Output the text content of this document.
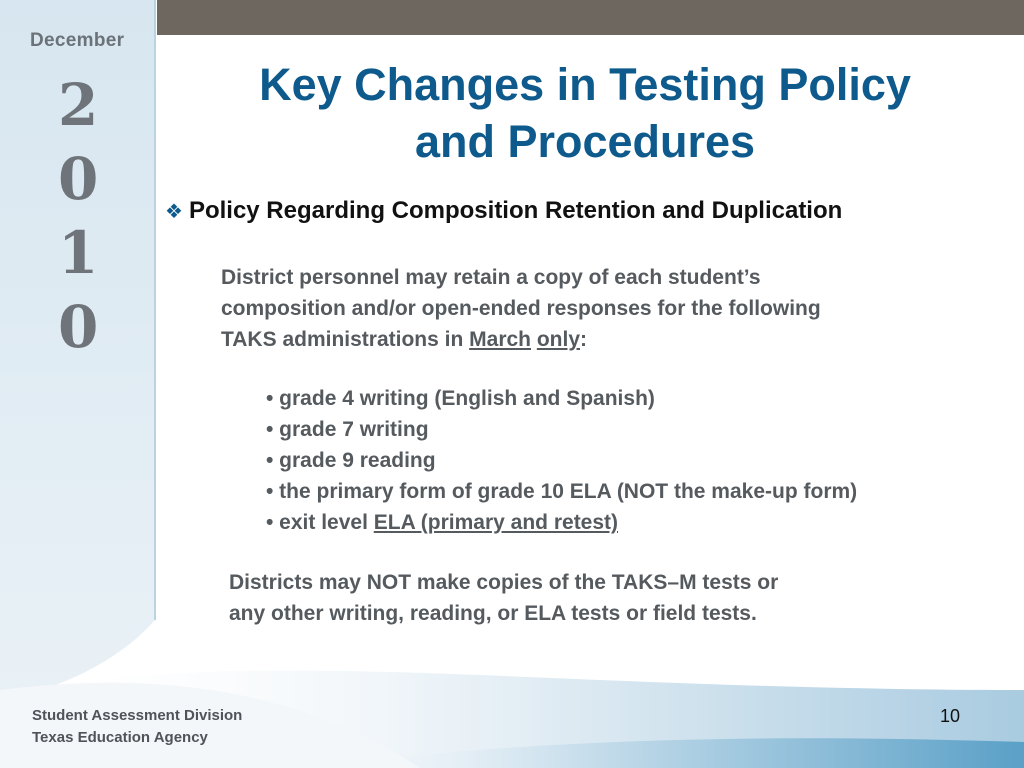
December
2
0
1
0
Key Changes in Testing Policy
and Procedures
❖ Policy Regarding Composition Retention and Duplication
District personnel may retain a copy of each student’s
composition and/or open-ended responses for the following
TAKS administrations in March only:
• grade 4 writing (English and Spanish)
• grade 7 writing
• grade 9 reading
• the primary form of grade 10 ELA (NOT the make-up form)
• exit level ELA (primary and retest)
Districts may NOT make copies of the TAKS–M tests or
any other writing, reading, or ELA tests or field tests.
Student Assessment Division
Texas Education Agency
10
